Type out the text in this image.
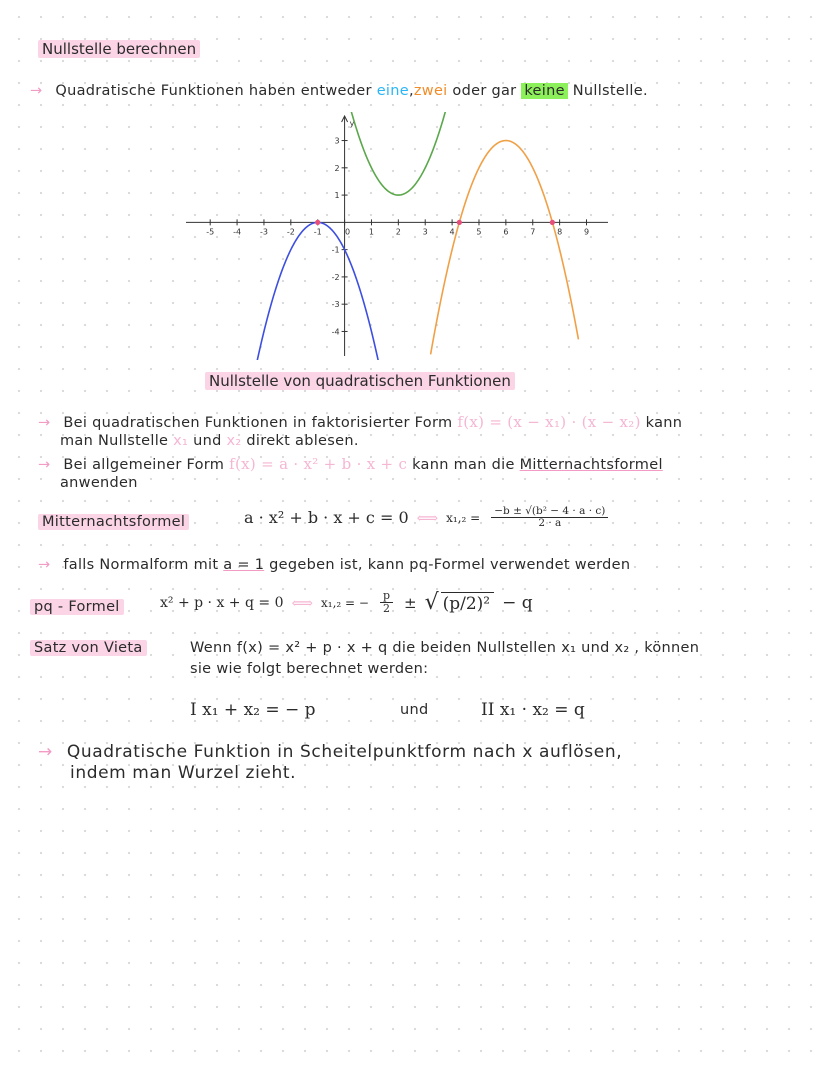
Nullstelle berechnen
→ Quadratische Funktionen haben entweder eine,zwei oder gar keine Nullstelle.
y
-5 -4 -3 -2 -1	0 1	2	3	4	5	6	7	8	9
-4
-3
-2
-1
1
2
3
Nullstelle von quadratischen Funktionen
→ Bei quadratischen Funktionen in faktorisierter Form f(x) = (x − x₁) · (x − x₂) kann
man Nullstelle x₁ und x₂ direkt ablesen.
→ Bei allgemeiner Form f(x) = a · x² + b · x + c kann man die Mitternachtsformel
anwenden
Mitternachtsformel	a · x² + b · x + c = 0 ⟺ $x_1,_2 = \frac{\text{−b ± √(b² − 4 · a · c)}}{2 \cdot a}$
→ falls Normalform mit a = 1 gegeben ist, kann pq-Formel verwendet werden
pq - Formel	x² + p · x + q = 0 ⟺ x₁,₂ = − $\frac{p}{2}$ ± √ (p/2)² − q
Satz von Vieta	Wenn f(x) = x² + p · x + q die beiden Nullstellen x₁ und x₂ , können
sie wie folgt berechnet werden:
I x₁ + x₂ = − p	und	II x₁ · x₂ = q
→ Quadratische Funktion in Scheitelpunktform nach x auflösen,
indem man Wurzel zieht.
